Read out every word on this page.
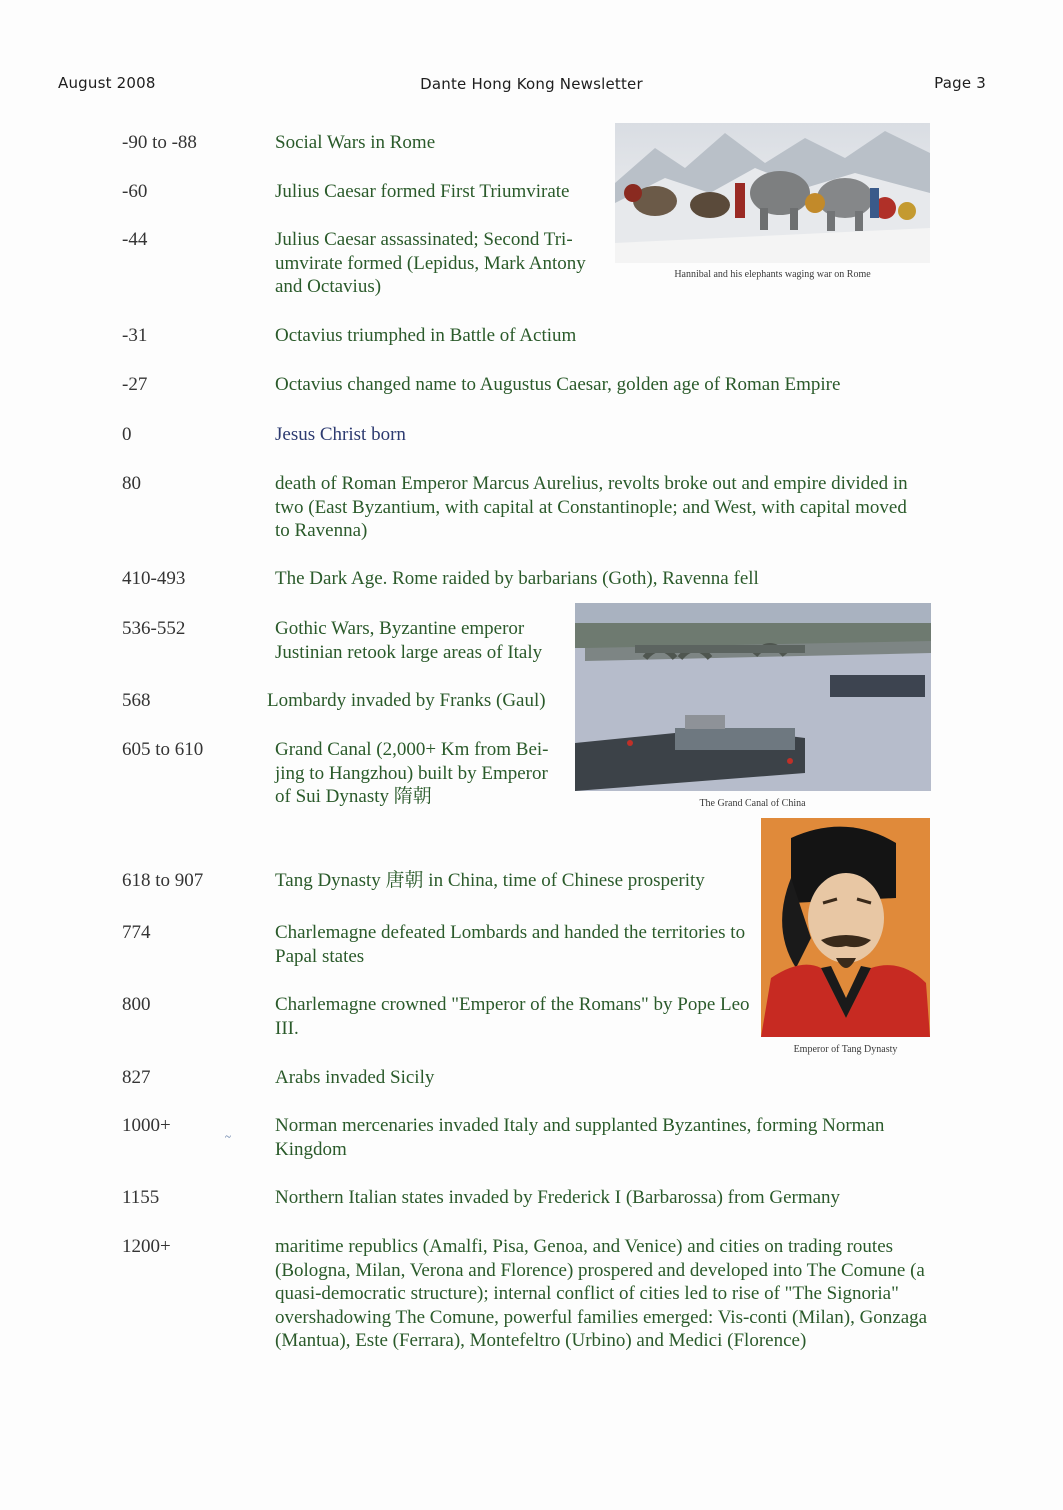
August 2008	Dante Hong Kong Newsletter	Page 3
-90 to -88	Social Wars in Rome
-60	Julius Caesar formed First Triumvirate
-44	Julius Caesar assassinated; Second Tri-umvirate formed (Lepidus, Mark Antony and Octavius)
-31	Octavius triumphed in Battle of Actium
-27	Octavius changed name to Augustus Caesar, golden age of Roman Empire
0	Jesus Christ born
80	death of Roman Emperor Marcus Aurelius, revolts broke out and empire divided in two (East Byzantium, with capital at Constantinople; and West, with capital moved to Ravenna)
410-493	The Dark Age. Rome raided by barbarians (Goth), Ravenna fell
536-552	Gothic Wars, Byzantine emperor Justinian retook large areas of Italy
568	Lombardy invaded by Franks (Gaul)
605 to 610	Grand Canal (2,000+ Km from Bei-jing to Hangzhou) built by Emperor of Sui Dynasty 隋朝
618 to 907	Tang Dynasty 唐朝 in China, time of Chinese prosperity
774	Charlemagne defeated Lombards and handed the territories to Papal states
800	Charlemagne crowned "Emperor of the Romans" by Pope Leo III.
827	Arabs invaded Sicily
1000+	Norman mercenaries invaded Italy and supplanted Byzantines, forming Norman Kingdom
1155	Northern Italian states invaded by Frederick I (Barbarossa) from Germany
1200+	maritime republics (Amalfi, Pisa, Genoa, and Venice) and cities on trading routes (Bologna, Milan, Verona and Florence) prospered and developed into The Comune (a quasi-democratic structure); internal conflict of cities led to rise of "The Signoria" overshadowing The Comune, powerful families emerged: Vis-conti (Milan), Gonzaga (Mantua), Este (Ferrara), Montefeltro (Urbino) and Medici (Florence)
~
Hannibal and his elephants waging war on Rome
The Grand Canal of China
Emperor of Tang Dynasty
